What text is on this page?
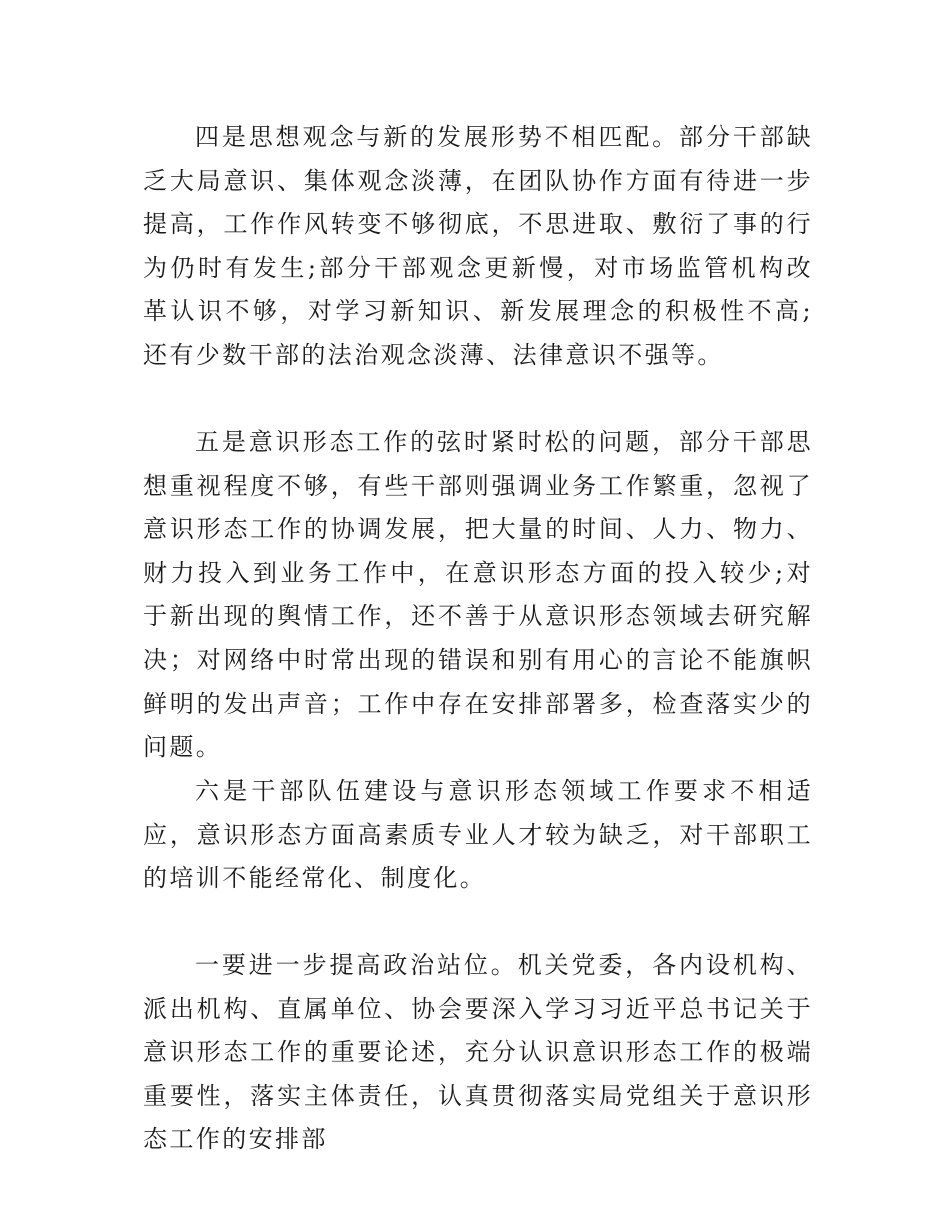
四是思想观念与新的发展形势不相匹配。部分干部缺乏大局意识、集体观念淡薄，在团队协作方面有待进一步提高，工作作风转变不够彻底，不思进取、敷衍了事的行为仍时有发生;部分干部观念更新慢，对市场监管机构改革认识不够，对学习新知识、新发展理念的积极性不高;还有少数干部的法治观念淡薄、法律意识不强等。

五是意识形态工作的弦时紧时松的问题，部分干部思想重视程度不够，有些干部则强调业务工作繁重，忽视了意识形态工作的协调发展，把大量的时间、人力、物力、财力投入到业务工作中，在意识形态方面的投入较少;对于新出现的舆情工作，还不善于从意识形态领域去研究解决；对网络中时常出现的错误和别有用心的言论不能旗帜鲜明的发出声音；工作中存在安排部署多，检查落实少的问题。

六是干部队伍建设与意识形态领域工作要求不相适应，意识形态方面高素质专业人才较为缺乏，对干部职工的培训不能经常化、制度化。

一要进一步提高政治站位。机关党委，各内设机构、派出机构、直属单位、协会要深入学习习近平总书记关于意识形态工作的重要论述，充分认识意识形态工作的极端重要性，落实主体责任，认真贯彻落实局党组关于意识形态工作的安排部
